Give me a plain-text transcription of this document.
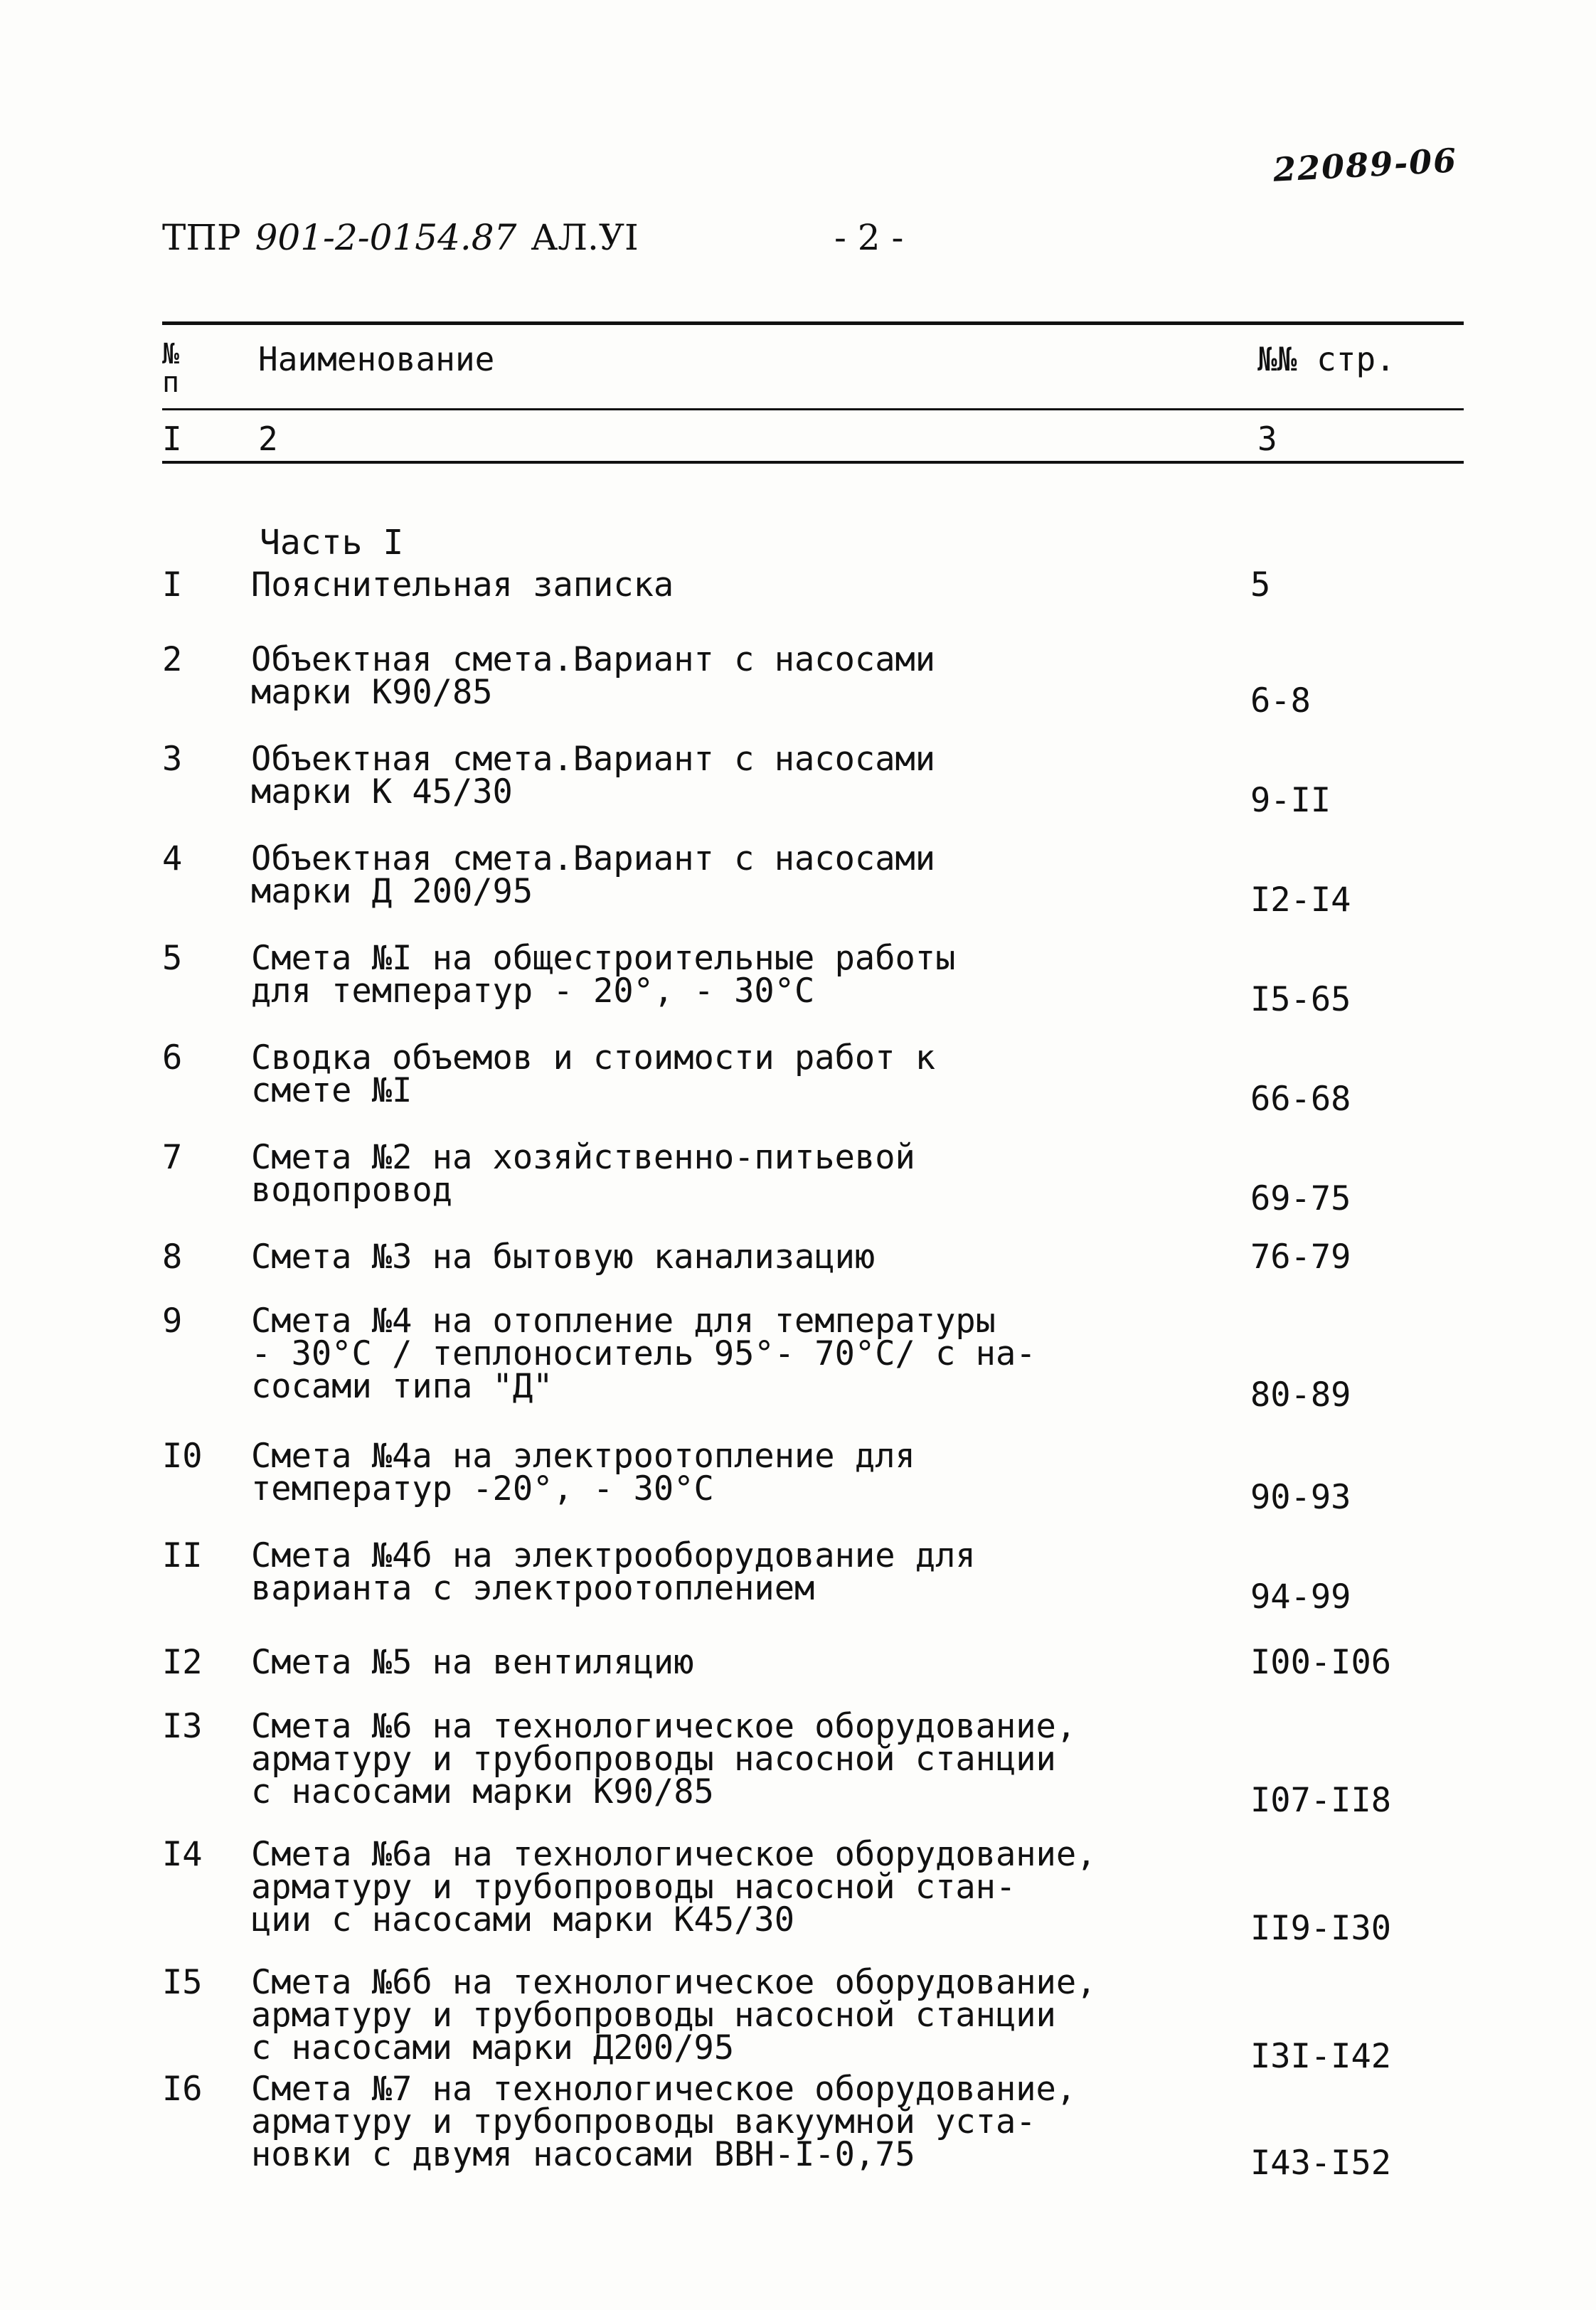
22089-06
ТПР 901-2-0154.87 АЛ.УI	- 2 -
№ п
Наименование	№№ стр.
I 2	3
Часть I
I	Пояснительная записка	5
2	Объектная смета.Вариант с насосами
марки К90/85	6-8
3	Объектная смета.Вариант с насосами
марки К 45/30	9-II
4	Объектная смета.Вариант с насосами
марки Д 200/95	I2-I4
5	Смета №I на общестроительные работы
для температур - 20°, - 30°С	I5-65
6	Сводка объемов и стоимости работ к
смете №I	66-68
7	Смета №2 на хозяйственно-питьевой
водопровод	69-75
8	Смета №3 на бытовую канализацию	76-79
9	Смета №4 на отопление для температуры
- 30°С / теплоноситель 95°- 70°С/ с на-
сосами типа "Д"	80-89
I0	Смета №4а на электроотопление для
температур -20°, - 30°С	90-93
II	Смета №4б на электрооборудование для
варианта с электроотоплением	94-99
I2	Смета №5 на вентиляцию	I00-I06
I3	Смета №6 на технологическое оборудование,
арматуру и трубопроводы насосной станции
с насосами марки К90/85	I07-II8
I4	Смета №6а на технологическое оборудование,
арматуру и трубопроводы насосной стан-
ции с насосами марки К45/30	II9-I30
I5	Смета №6б на технологическое оборудование,
арматуру и трубопроводы насосной станции
с насосами марки Д200/95	I3I-I42
I6	Смета №7 на технологическое оборудование,
арматуру и трубопроводы вакуумной уста-
новки с двумя насосами ВВН-I-0,75	I43-I52
